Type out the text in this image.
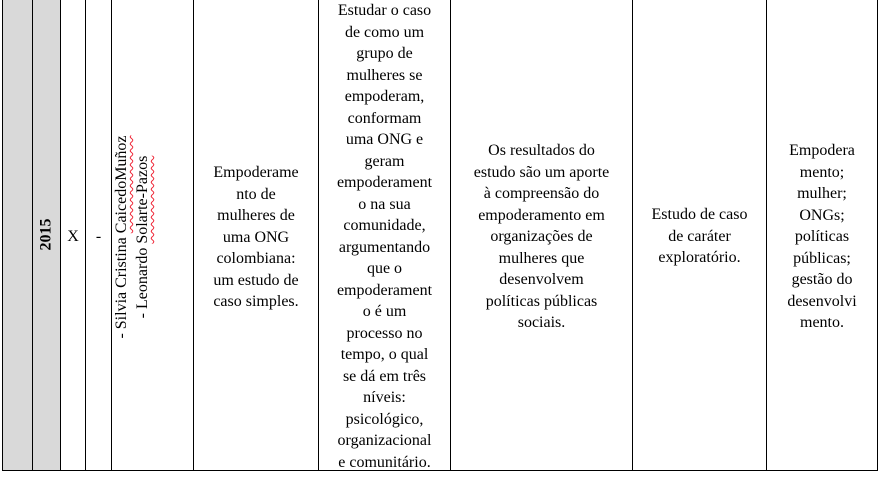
2015 X	- - Silvia Cristina CaicedoMuñoz
- Leonardo Solarte-Pazos	Empoderame
nto de
mulheres de
uma ONG
colombiana:
um estudo de
caso simples.
Estudar o caso
de como um
grupo de
mulheres se
empoderam,
conformam
uma ONG e
geram
empoderament
o na sua
comunidade,
argumentando
que o
empoderament
o é um
processo no
tempo, o qual
se dá em três
níveis:
psicológico,
organizacional
e comunitário.
Os resultados do
estudo são um aporte
à compreensão do
empoderamento em
organizações de
mulheres que
desenvolvem
políticas públicas
sociais.
Estudo de caso
de caráter
exploratório.
Empodera
mento;
mulher;
ONGs;
políticas
públicas;
gestão do
desenvolvi
mento.
